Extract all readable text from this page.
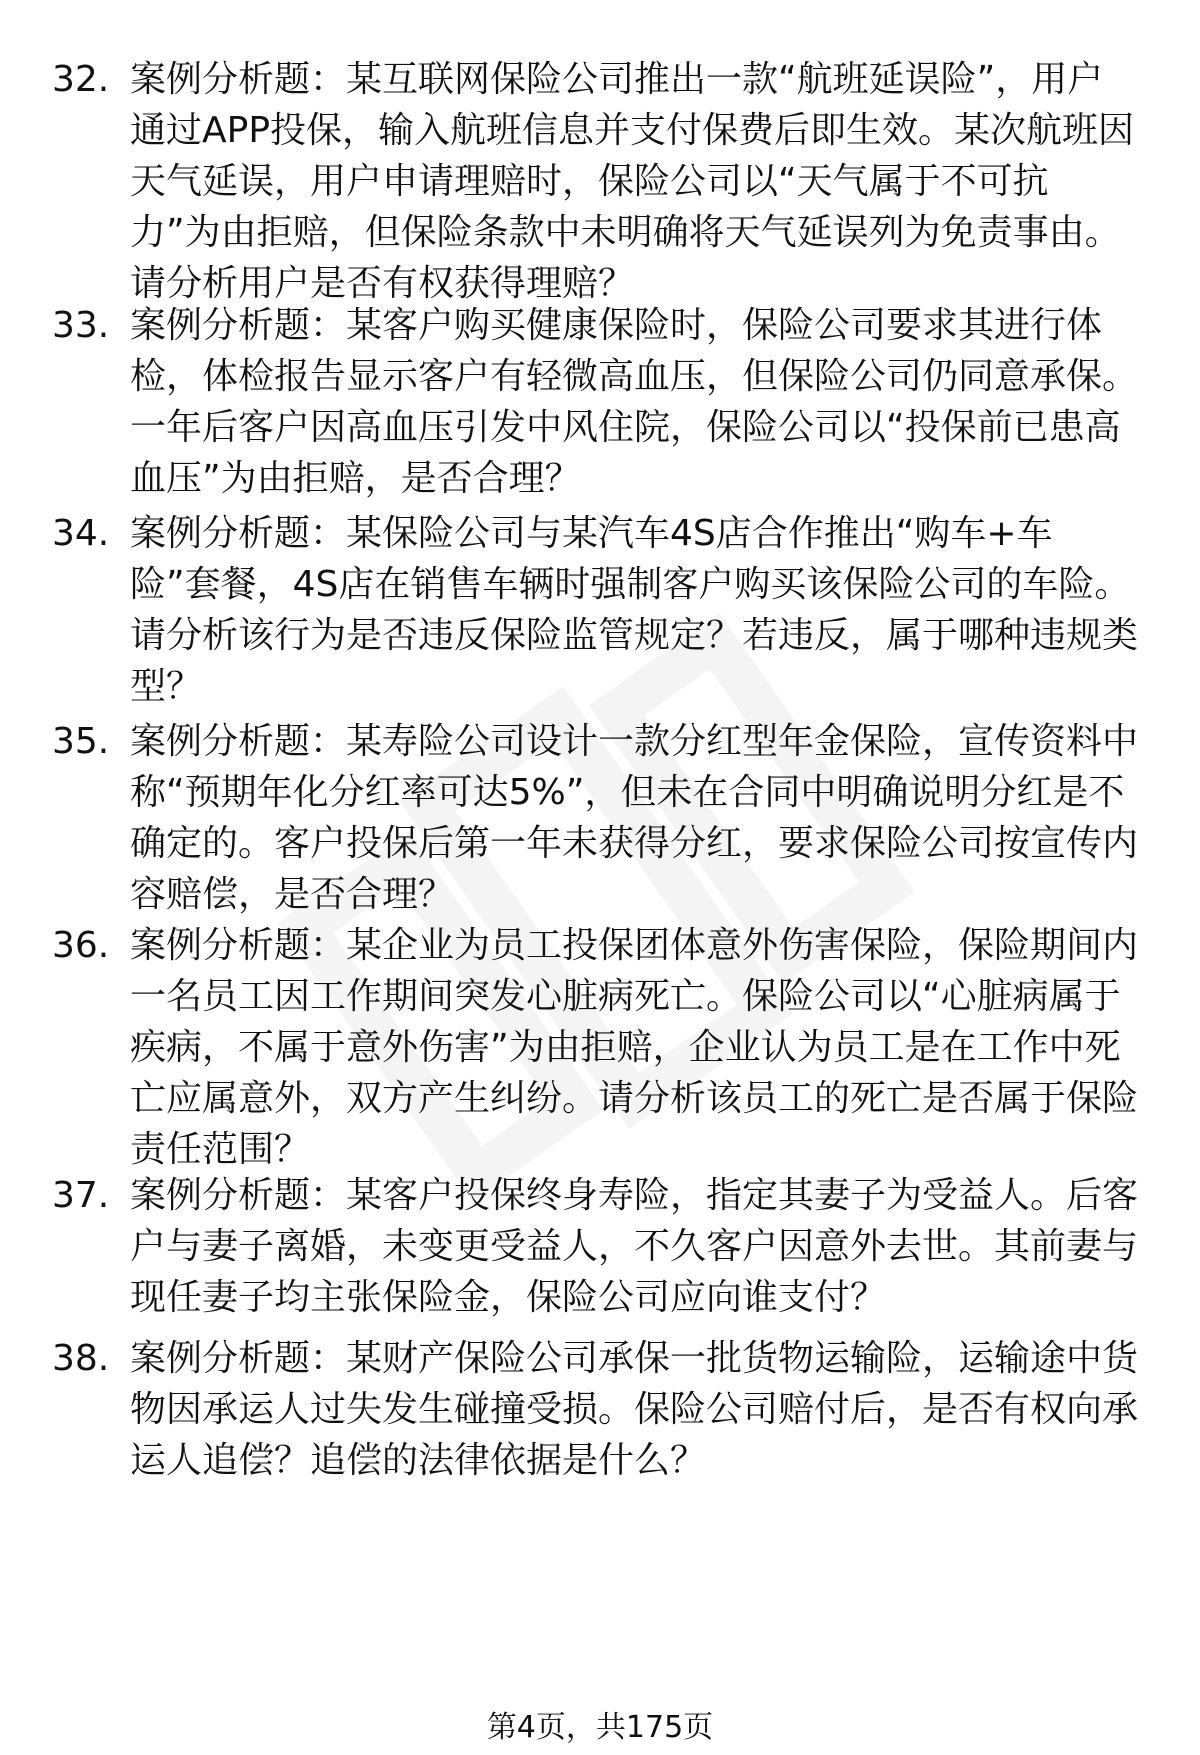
32. 案例分析题：某互联网保险公司推出一款“航班延误险”，用户
通过APP投保，输入航班信息并支付保费后即生效。某次航班因
天气延误，用户申请理赔时，保险公司以“天气属于不可抗
力”为由拒赔，但保险条款中未明确将天气延误列为免责事由。
请分析用户是否有权获得理赔？
33. 案例分析题：某客户购买健康保险时，保险公司要求其进行体
检，体检报告显示客户有轻微高血压，但保险公司仍同意承保。
一年后客户因高血压引发中风住院，保险公司以“投保前已患高
血压”为由拒赔，是否合理？
34. 案例分析题：某保险公司与某汽车4S店合作推出“购车+车
险”套餐，4S店在销售车辆时强制客户购买该保险公司的车险。
请分析该行为是否违反保险监管规定？若违反，属于哪种违规类
型？
35. 案例分析题：某寿险公司设计一款分红型年金保险，宣传资料中
称“预期年化分红率可达5%”，但未在合同中明确说明分红是不
确定的。客户投保后第一年未获得分红，要求保险公司按宣传内
容赔偿，是否合理？
36. 案例分析题：某企业为员工投保团体意外伤害保险，保险期间内
一名员工因工作期间突发心脏病死亡。保险公司以“心脏病属于
疾病，不属于意外伤害”为由拒赔，企业认为员工是在工作中死
亡应属意外，双方产生纠纷。请分析该员工的死亡是否属于保险
责任范围？
37. 案例分析题：某客户投保终身寿险，指定其妻子为受益人。后客
户与妻子离婚，未变更受益人，不久客户因意外去世。其前妻与
现任妻子均主张保险金，保险公司应向谁支付？
38. 案例分析题：某财产保险公司承保一批货物运输险，运输途中货
物因承运人过失发生碰撞受损。保险公司赔付后，是否有权向承
运人追偿？追偿的法律依据是什么？
第4页，共175页
